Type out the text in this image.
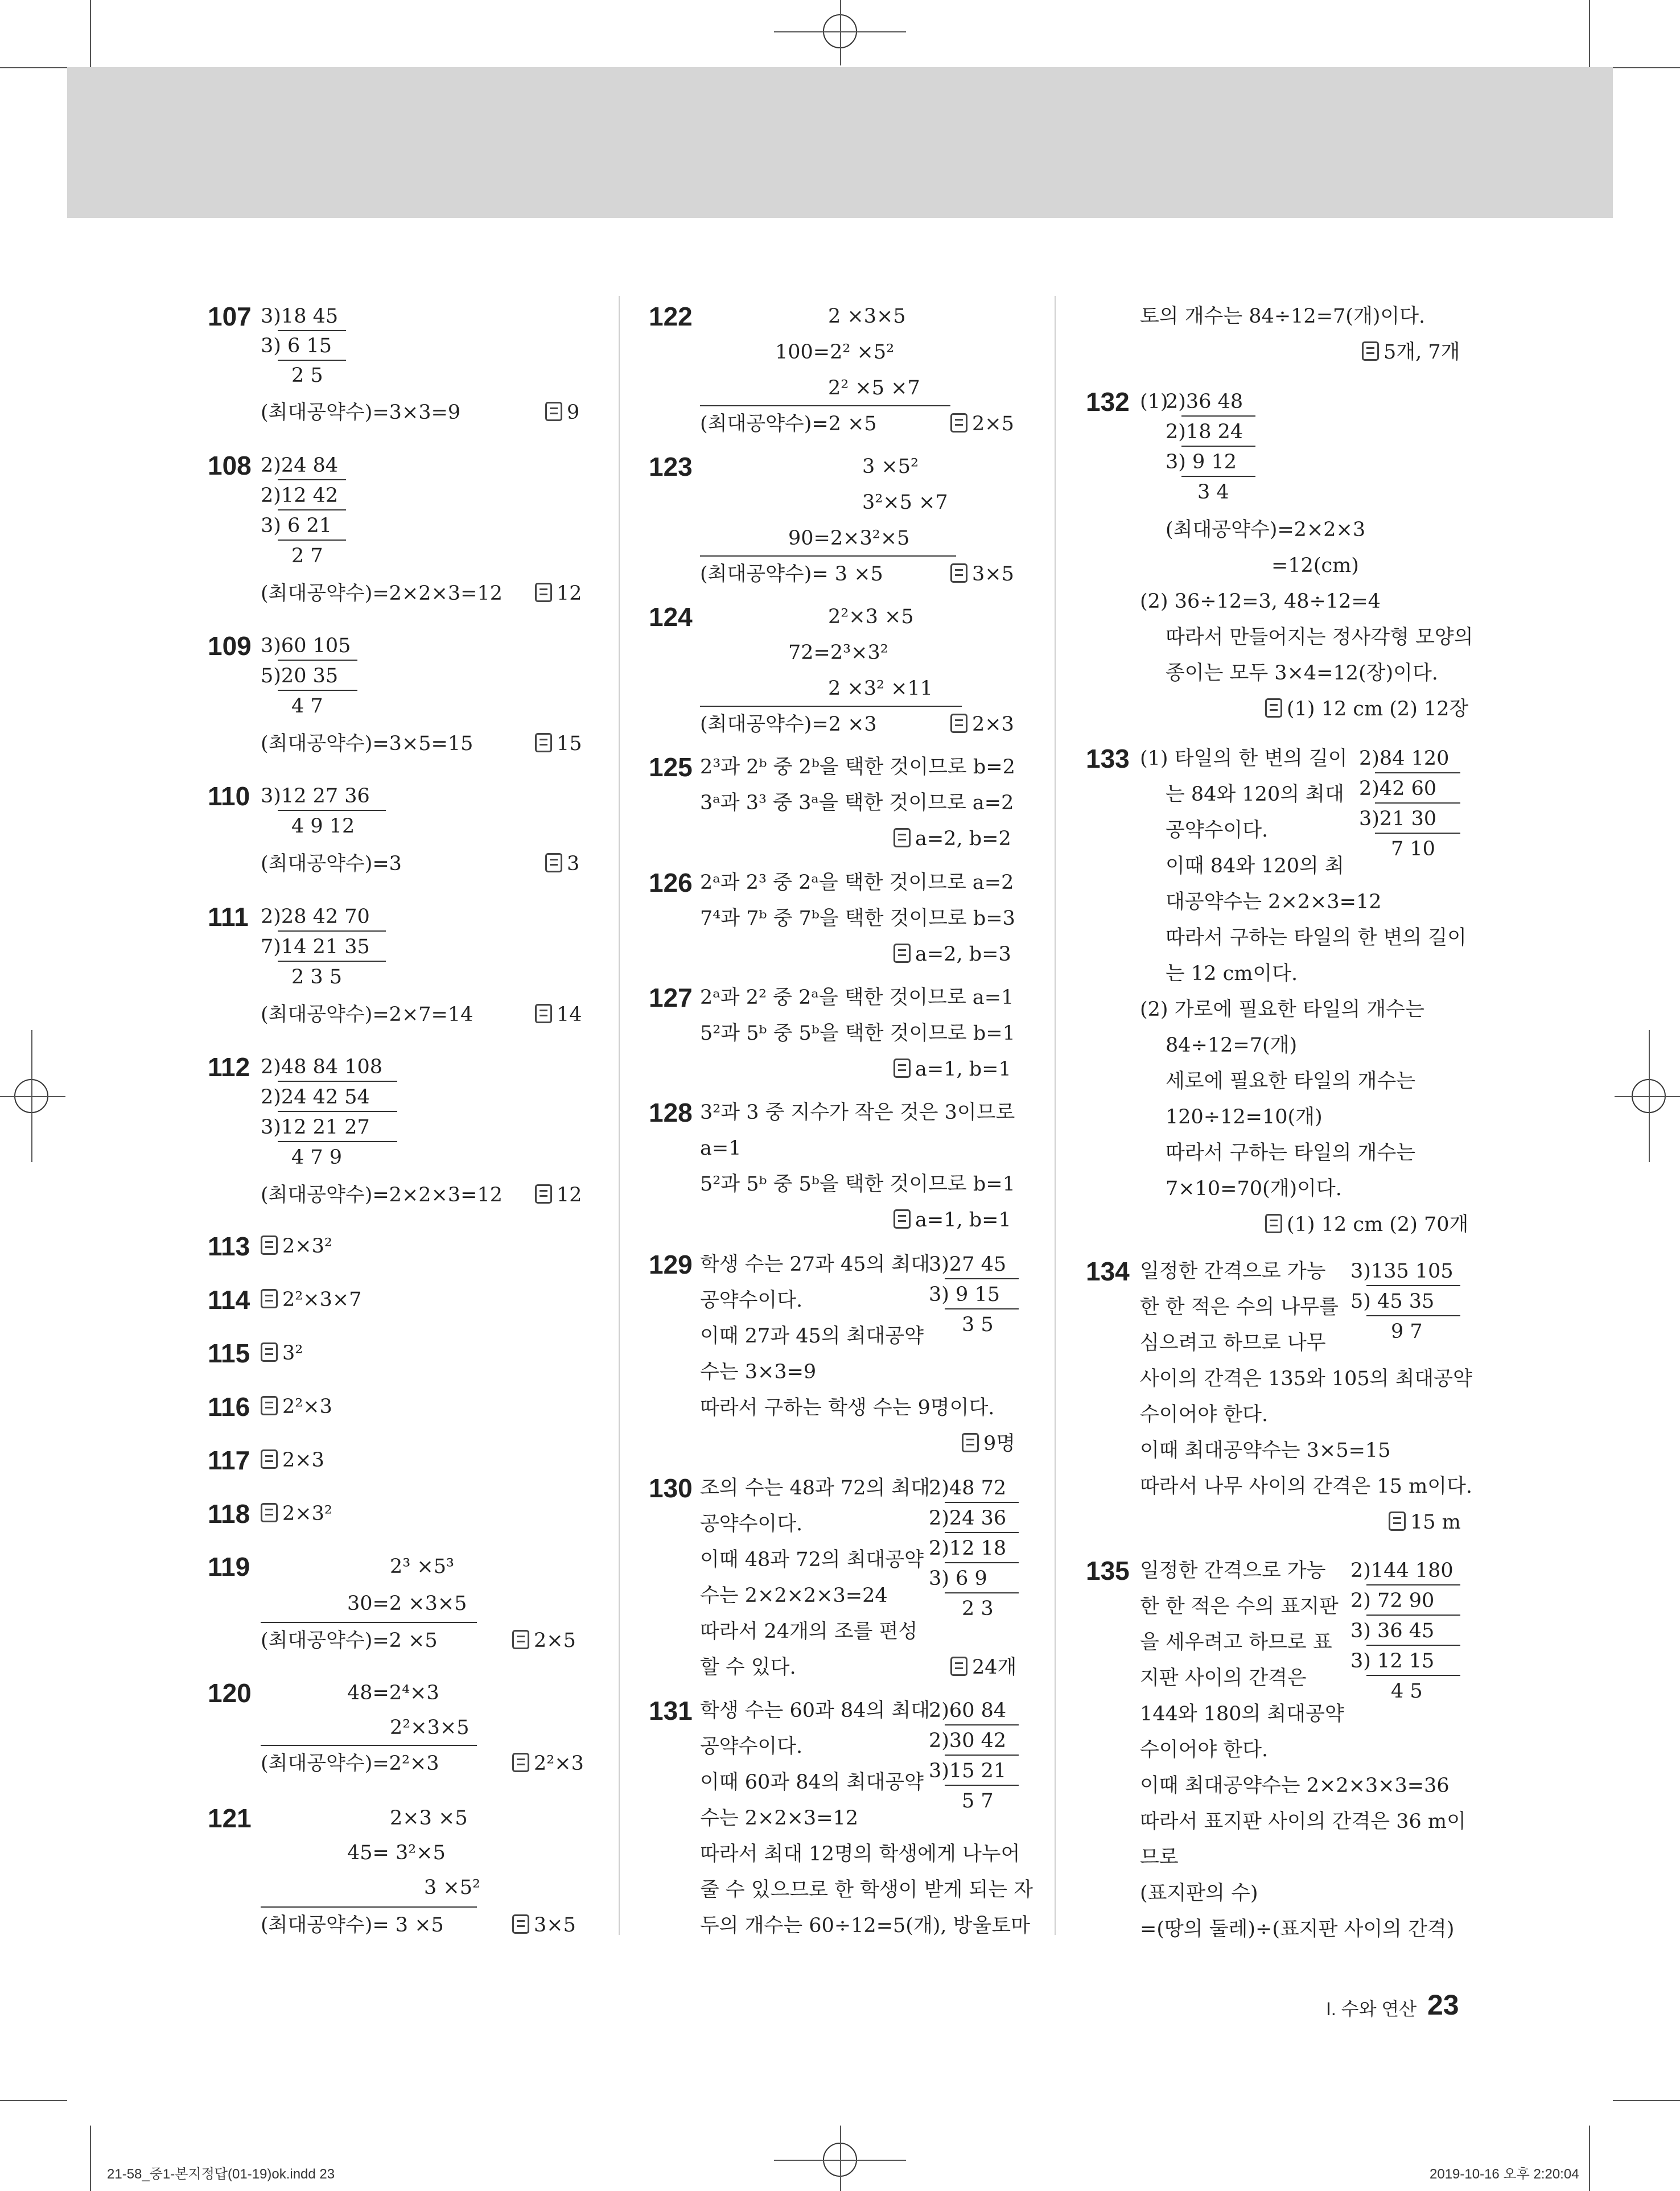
107 3)18 45
3) 6 15
2 5
(최대공약수)=3×3=9	9
108 2)24 84
2)12 42
3) 6 21
2 7
(최대공약수)=2×2×3=12	12
109 3)60 105
5)20 35
4 7
(최대공약수)=3×5=15	15
110 3)12 27 36
4 9 12
(최대공약수)=3	3
111 2)28 42 70
7)14 21 35
2 3 5
(최대공약수)=2×7=14	14
112 2)48 84 108
2)24 42 54
3)12 21 27
4 7 9
(최대공약수)=2×2×3=12	12
113	2×3²
114	2²×3×7
115	3²
116	2²×3
117	2×3
118	2×3²
119	2³ ×5³
30=2 ×3×5
(최대공약수)=2 ×5	2×5
120	48=2⁴×3
2²×3×5
(최대공약수)=2²×3	2²×3
121	2×3 ×5
45= 3²×5
3 ×5²
(최대공약수)= 3 ×5	3×5
122	2 ×3×5
100=2² ×5²
2² ×5 ×7
(최대공약수)=2 ×5	2×5
123	3 ×5²
3²×5 ×7
90=2×3²×5
(최대공약수)= 3 ×5	3×5
124	2²×3 ×5
72=2³×3²
2 ×3² ×11
(최대공약수)=2 ×3	2×3
125 2³과 2ᵇ 중 2ᵇ을 택한 것이므로 b=2
3ᵃ과 3³ 중 3ᵃ을 택한 것이므로 a=2
a=2, b=2
126 2ᵃ과 2³ 중 2ᵃ을 택한 것이므로 a=2
7⁴과 7ᵇ 중 7ᵇ을 택한 것이므로 b=3
a=2, b=3
127 2ᵃ과 2² 중 2ᵃ을 택한 것이므로 a=1
5²과 5ᵇ 중 5ᵇ을 택한 것이므로 b=1
a=1, b=1
128 3²과 3 중 지수가 작은 것은 3이므로
a=1
5²과 5ᵇ 중 5ᵇ을 택한 것이므로 b=1
a=1, b=1
129 학생 수는 27과 45의 최대
공약수이다.
이때 27과 45의 최대공약
수는 3×3=9
따라서 구하는 학생 수는 9명이다.
3)27 45
3) 9 15
3 5
9명
130 조의 수는 48과 72의 최대
공약수이다.
이때 48과 72의 최대공약
수는 2×2×2×3=24
따라서 24개의 조를 편성
할 수 있다.
2)48 72
2)24 36
2)12 18
3) 6 9
2 3
24개
131 학생 수는 60과 84의 최대
공약수이다.
이때 60과 84의 최대공약
수는 2×2×3=12
따라서 최대 12명의 학생에게 나누어
줄 수 있으므로 한 학생이 받게 되는 자
두의 개수는 60÷12=5(개), 방울토마
2)60 84
2)30 42
3)15 21
5 7
토의 개수는 84÷12=7(개)이다.
5개, 7개
132 (1)
2)36 48
2)18 24
3) 9 12
3 4
(최대공약수)=2×2×3
=12(cm)
(2) 36÷12=3, 48÷12=4
따라서 만들어지는 정사각형 모양의
종이는 모두 3×4=12(장)이다.
(1) 12 cm (2) 12장
133 (1) 타일의 한 변의 길이
는 84와 120의 최대
공약수이다.
이때 84와 120의 최
대공약수는 2×2×3=12
따라서 구하는 타일의 한 변의 길이
는 12 cm이다.
(2) 가로에 필요한 타일의 개수는
84÷12=7(개)
세로에 필요한 타일의 개수는
120÷12=10(개)
따라서 구하는 타일의 개수는
7×10=70(개)이다.
2)84 120
2)42 60
3)21 30
7 10
(1) 12 cm (2) 70개
134 일정한 간격으로 가능
한 한 적은 수의 나무를
심으려고 하므로 나무
사이의 간격은 135와 105의 최대공약
수이어야 한다.
이때 최대공약수는 3×5=15
따라서 나무 사이의 간격은 15 m이다.
3)135 105
5) 45 35
9 7
15 m
135 일정한 간격으로 가능
한 한 적은 수의 표지판
을 세우려고 하므로 표
지판 사이의 간격은
144와 180의 최대공약
수이어야 한다.
이때 최대공약수는 2×2×3×3=36
따라서 표지판 사이의 간격은 36 m이
므로
(표지판의 수)
=(땅의 둘레)÷(표지판 사이의 간격)
2)144 180
2) 72 90
3) 36 45
3) 12 15
4 5
I. 수와 연산 23
21-58_중1-본지정답(01-19)ok.indd 23	2019-10-16 오후 2:20:04
